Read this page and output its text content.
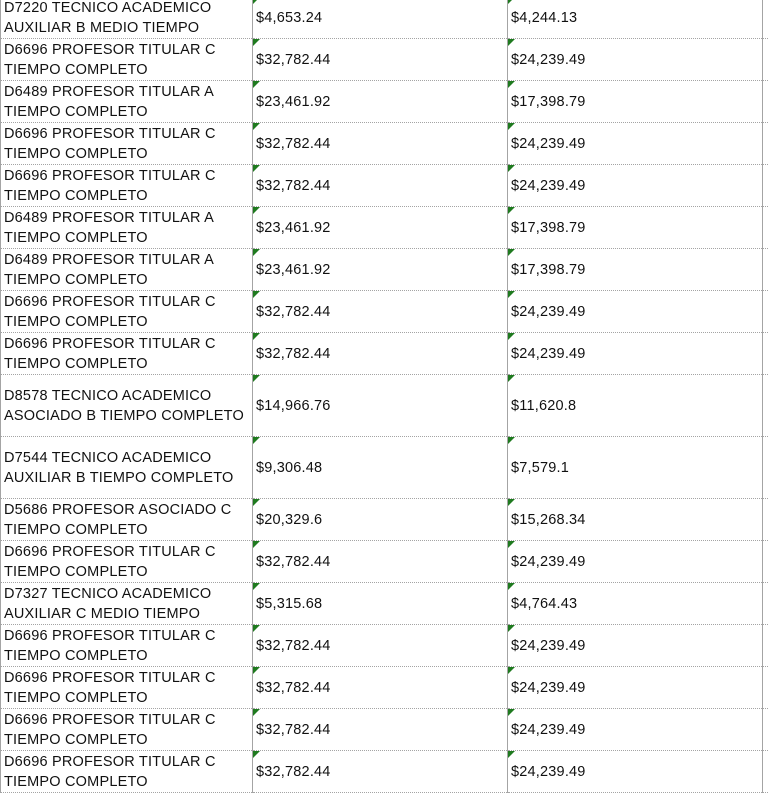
D7220 TECNICO ACADEMICO AUXILIAR B MEDIO TIEMPO	$4,653.24	$4,244.13	
D6696 PROFESOR TITULAR C TIEMPO COMPLETO	$32,782.44	$24,239.49	
D6489 PROFESOR TITULAR A TIEMPO COMPLETO	$23,461.92	$17,398.79	
D6696 PROFESOR TITULAR C TIEMPO COMPLETO	$32,782.44	$24,239.49	
D6696 PROFESOR TITULAR C TIEMPO COMPLETO	$32,782.44	$24,239.49	
D6489 PROFESOR TITULAR A TIEMPO COMPLETO	$23,461.92	$17,398.79	
D6489 PROFESOR TITULAR A TIEMPO COMPLETO	$23,461.92	$17,398.79	
D6696 PROFESOR TITULAR C TIEMPO COMPLETO	$32,782.44	$24,239.49	
D6696 PROFESOR TITULAR C TIEMPO COMPLETO	$32,782.44	$24,239.49	
D8578 TECNICO ACADEMICO ASOCIADO B TIEMPO COMPLETO	$14,966.76	$11,620.8	
D7544 TECNICO ACADEMICO AUXILIAR B TIEMPO COMPLETO	$9,306.48	$7,579.1	
D5686 PROFESOR ASOCIADO C TIEMPO COMPLETO	$20,329.6	$15,268.34	
D6696 PROFESOR TITULAR C TIEMPO COMPLETO	$32,782.44	$24,239.49	
D7327 TECNICO ACADEMICO AUXILIAR C MEDIO TIEMPO	$5,315.68	$4,764.43	
D6696 PROFESOR TITULAR C TIEMPO COMPLETO	$32,782.44	$24,239.49	
D6696 PROFESOR TITULAR C TIEMPO COMPLETO	$32,782.44	$24,239.49	
D6696 PROFESOR TITULAR C TIEMPO COMPLETO	$32,782.44	$24,239.49	
D6696 PROFESOR TITULAR C TIEMPO COMPLETO	$32,782.44	$24,239.49	
